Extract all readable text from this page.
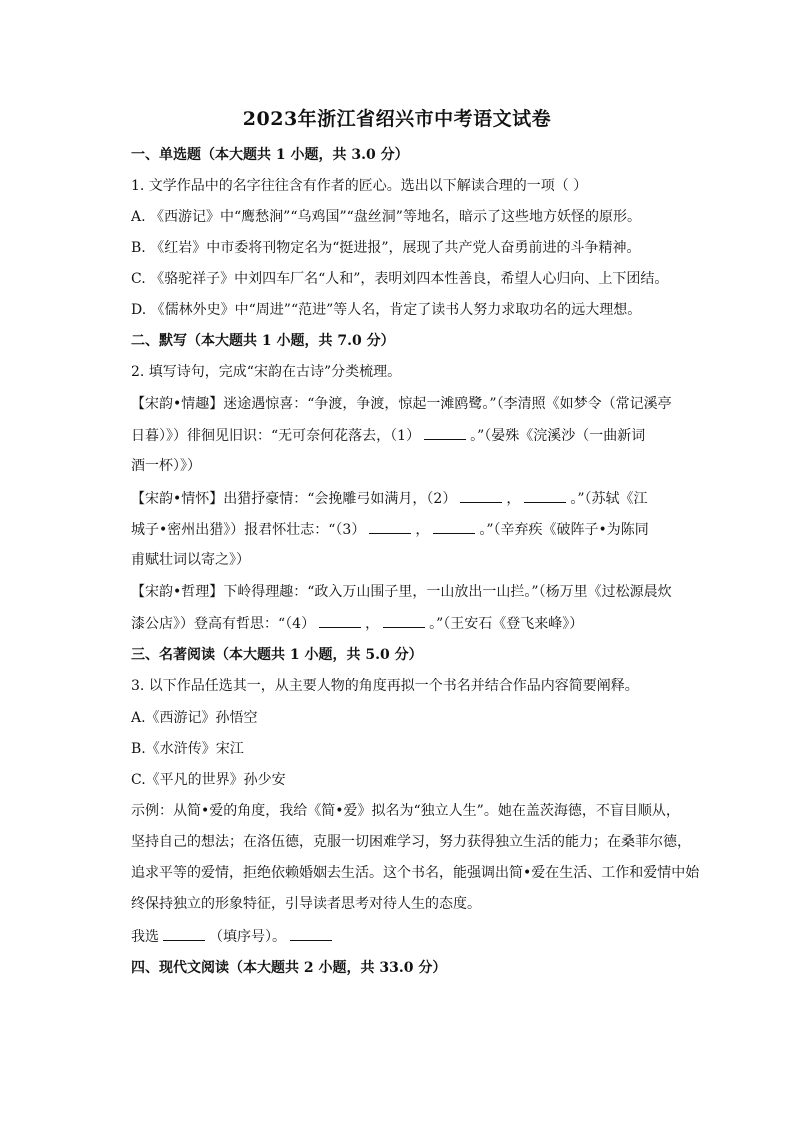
2023年浙江省绍兴市中考语文试卷
一、单选题（本大题共 1 小题，共 3.0 分）
1. 文学作品中的名字往往含有作者的匠心。选出以下解读合理的一项（ ）
A. 《西游记》中“鹰愁涧”“乌鸡国”“盘丝洞”等地名，暗示了这些地方妖怪的原形。
B. 《红岩》中市委将刊物定名为“挺进报”，展现了共产党人奋勇前进的斗争精神。
C. 《骆驼祥子》中刘四车厂名“人和”，表明刘四本性善良，希望人心归向、上下团结。
D. 《儒林外史》中“周进”“范进”等人名，肯定了读书人努力求取功名的远大理想。
二、默写（本大题共 1 小题，共 7.0 分）
2. 填写诗句，完成“宋韵在古诗”分类梳理。
【宋韵•情趣】迷途遇惊喜：“争渡，争渡，惊起一滩鸥鹭。”（李清照《如梦令（常记溪亭
日暮）》）徘徊见旧识：“无可奈何花落去，（1）	。”（晏殊《浣溪沙（一曲新词
酒一杯）》）
【宋韵•情怀】出猎抒豪情：“会挽雕弓如满月，（2）	，	。”（苏轼《江
城子•密州出猎》）报君怀壮志：“（3）	，	。”（辛弃疾《破阵子•为陈同
甫赋壮词以寄之》）
【宋韵•哲理】下岭得理趣：“政入万山围子里，一山放出一山拦。”（杨万里《过松源晨炊
漆公店》）登高有哲思：“（4）	，	。”（王安石《登飞来峰》）
三、名著阅读（本大题共 1 小题，共 5.0 分）
3. 以下作品任选其一，从主要人物的角度再拟一个书名并结合作品内容简要阐释。
A.《西游记》孙悟空
B.《水浒传》宋江
C.《平凡的世界》孙少安
示例：从简•爱的角度，我给《简•爱》拟名为“独立人生”。她在盖茨海德，不盲目顺从，
坚持自己的想法；在洛伍德，克服一切困难学习，努力获得独立生活的能力；在桑菲尔德，
追求平等的爱情，拒绝依赖婚姻去生活。这个书名，能强调出简•爱在生活、工作和爱情中始
终保持独立的形象特征，引导读者思考对待人生的态度。
我选	（填序号）。
四、现代文阅读（本大题共 2 小题，共 33.0 分）
